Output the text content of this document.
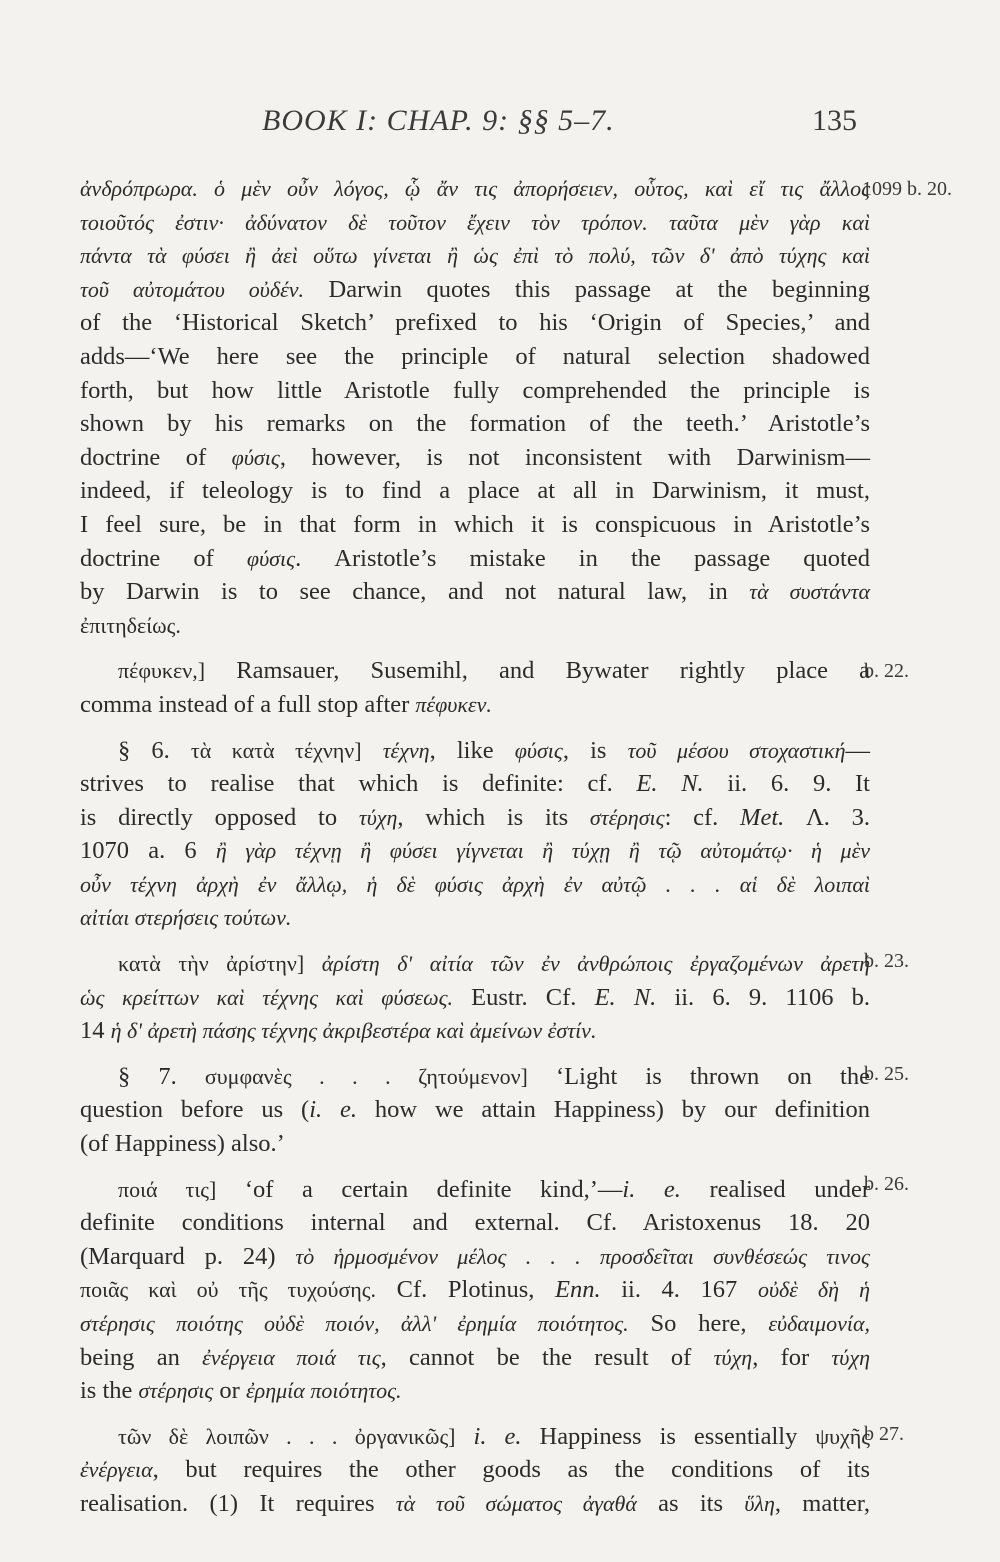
BOOK I: CHAP. 9: §§ 5–7.	135
1099 b. 20.
b. 22.
b. 23.
b. 25.
b. 26.
b 27.
ἀνδρόπρωρα. ὁ μὲν οὖν λόγος, ᾧ ἄν τις ἀπορήσειεν, οὗτος, καὶ εἴ τις ἄλλος
τοιοῦτός ἐστιν· ἀδύνατον δὲ τοῦτον ἔχειν τὸν τρόπον. ταῦτα μὲν γὰρ καὶ
πάντα τὰ φύσει ἢ ἀεὶ οὕτω γίνεται ἢ ὡς ἐπὶ τὸ πολύ, τῶν δ' ἀπὸ τύχης καὶ
τοῦ αὐτομάτου οὐδέν. Darwin quotes this passage at the beginning
of the ‘Historical Sketch’ prefixed to his ‘Origin of Species,’ and
adds—‘We here see the principle of natural selection shadowed
forth, but how little Aristotle fully comprehended the principle is
shown by his remarks on the formation of the teeth.’ Aristotle’s
doctrine of φύσις, however, is not inconsistent with Darwinism—
indeed, if teleology is to find a place at all in Darwinism, it must,
I feel sure, be in that form in which it is conspicuous in Aristotle’s
doctrine of φύσις. Aristotle’s mistake in the passage quoted
by Darwin is to see chance, and not natural law, in τὰ συστάντα
ἐπιτηδείως.
πέφυκεν,] Ramsauer, Susemihl, and Bywater rightly place a
comma instead of a full stop after πέφυκεν.
§ 6. τὰ κατὰ τέχνην] τέχνη, like φύσις, is τοῦ μέσου στοχαστική—
strives to realise that which is definite: cf. E. N. ii. 6. 9. It
is directly opposed to τύχη, which is its στέρησις: cf. Met. Λ. 3.
1070 a. 6 ἢ γὰρ τέχνῃ ἢ φύσει γίγνεται ἢ τύχῃ ἢ τῷ αὐτομάτῳ· ἡ μὲν
οὖν τέχνη ἀρχὴ ἐν ἄλλῳ, ἡ δὲ φύσις ἀρχὴ ἐν αὐτῷ . . . αἱ δὲ λοιπαὶ
αἰτίαι στερήσεις τούτων.
κατὰ τὴν ἀρίστην] ἀρίστη δ' αἰτία τῶν ἐν ἀνθρώποις ἐργαζομένων ἀρετή
ὡς κρείττων καὶ τέχνης καὶ φύσεως. Eustr. Cf. E. N. ii. 6. 9. 1106 b.
14 ἡ δ' ἀρετὴ πάσης τέχνης ἀκριβεστέρα καὶ ἀμείνων ἐστίν.
§ 7. συμφανὲς . . . ζητούμενον] ‘Light is thrown on the
question before us (i. e. how we attain Happiness) by our definition
(of Happiness) also.’
ποιά τις] ‘of a certain definite kind,’—i. e. realised under
definite conditions internal and external. Cf. Aristoxenus 18. 20
(Marquard p. 24) τὸ ἡρμοσμένον μέλος . . . προσδεῖται συνθέσεώς τινος
ποιᾶς καὶ οὐ τῆς τυχούσης. Cf. Plotinus, Enn. ii. 4. 167 οὐδὲ δὴ ἡ
στέρησις ποιότης οὐδὲ ποιόν, ἀλλ' ἐρημία ποιότητος. So here, εὐδαιμονία,
being an ἐνέργεια ποιά τις, cannot be the result of τύχη, for τύχη
is the στέρησις or ἐρημία ποιότητος.
τῶν δὲ λοιπῶν . . . ὀργανικῶς] i. e. Happiness is essentially ψυχῆς
ἐνέργεια, but requires the other goods as the conditions of its
realisation. (1) It requires τὰ τοῦ σώματος ἀγαθά as its ὕλη, matter,
